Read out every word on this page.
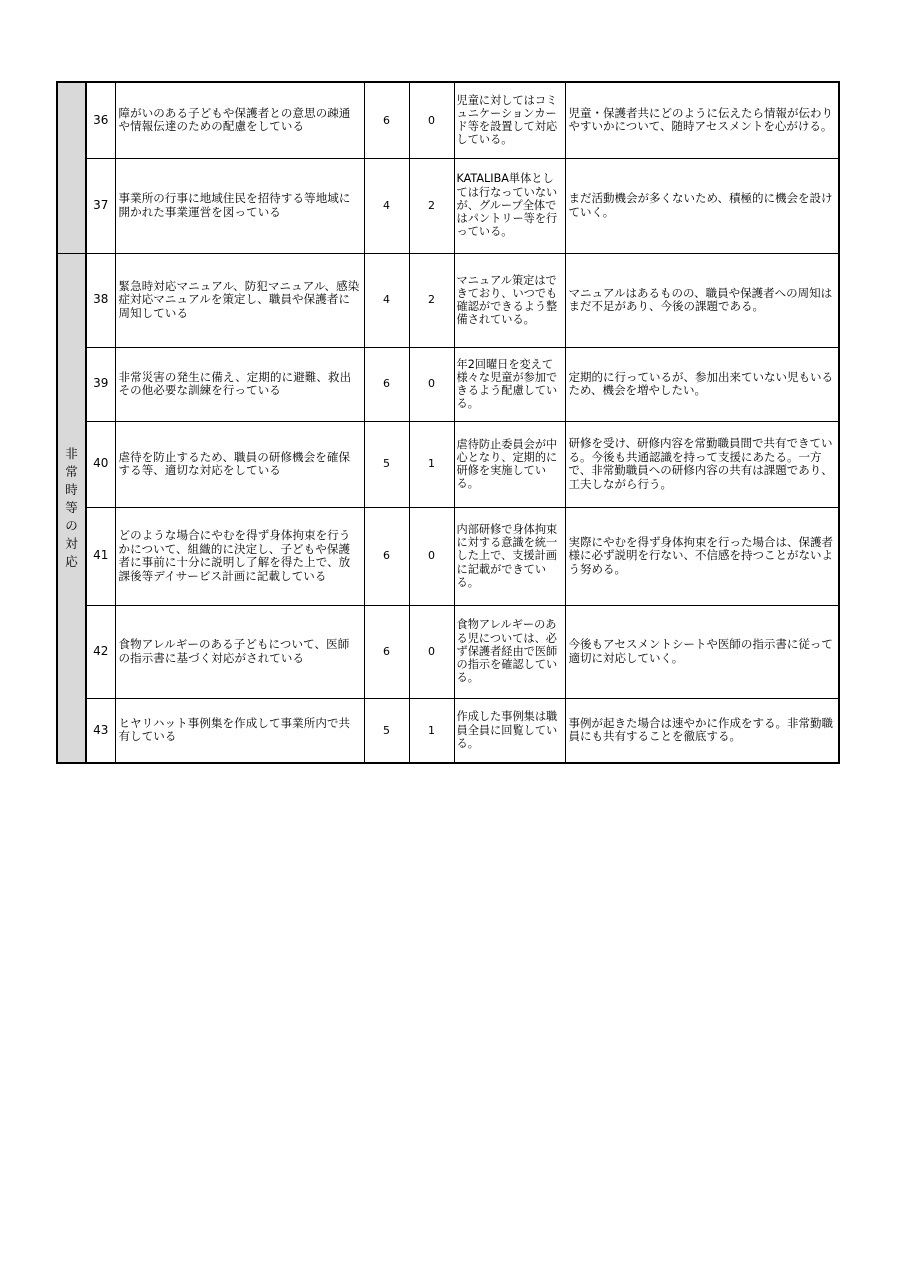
	36	障がいのある子どもや保護者との意思の疎通や情報伝達のための配慮をしている	6	0	児童に対してはコミュニケーションカード等を設置して対応している。	児童・保護者共にどのように伝えたら情報が伝わりやすいかについて、随時アセスメントを心がける。
	37	事業所の行事に地域住民を招待する等地域に開かれた事業運営を図っている	4	2	KATALIBA単体としては行なっていないが、グループ全体ではパントリー等を行っている。	まだ活動機会が多くないため、積極的に機会を設けていく。
非常時等の対応	38	緊急時対応マニュアル、防犯マニュアル、感染症対応マニュアルを策定し、職員や保護者に周知している	4	2	マニュアル策定はできており、いつでも確認ができるよう整備されている。	マニュアルはあるものの、職員や保護者への周知はまだ不足があり、今後の課題である。
	39	非常災害の発生に備え、定期的に避難、救出その他必要な訓練を行っている	6	0	年2回曜日を変えて様々な児童が参加できるよう配慮している。	定期的に行っているが、参加出来ていない児もいるため、機会を増やしたい。
	40	虐待を防止するため、職員の研修機会を確保する等、適切な対応をしている	5	1	虐待防止委員会が中心となり、定期的に研修を実施している。	研修を受け、研修内容を常勤職員間で共有できている。今後も共通認識を持って支援にあたる。一方で、非常勤職員への研修内容の共有は課題であり、工夫しながら行う。
	41	どのような場合にやむを得ず身体拘束を行うかについて、組織的に決定し、子どもや保護者に事前に十分に説明し了解を得た上で、放課後等デイサービス計画に記載している	6	0	内部研修で身体拘束に対する意識を統一した上で、支援計画に記載ができている。	実際にやむを得ず身体拘束を行った場合は、保護者様に必ず説明を行ない、不信感を持つことがないよう努める。
	42	食物アレルギーのある子どもについて、医師の指示書に基づく対応がされている	6	0	食物アレルギーのある児については、必ず保護者経由で医師の指示を確認している。	今後もアセスメントシートや医師の指示書に従って適切に対応していく。
	43	ヒヤリハット事例集を作成して事業所内で共有している	5	1	作成した事例集は職員全員に回覧している。	事例が起きた場合は速やかに作成をする。非常勤職員にも共有することを徹底する。
